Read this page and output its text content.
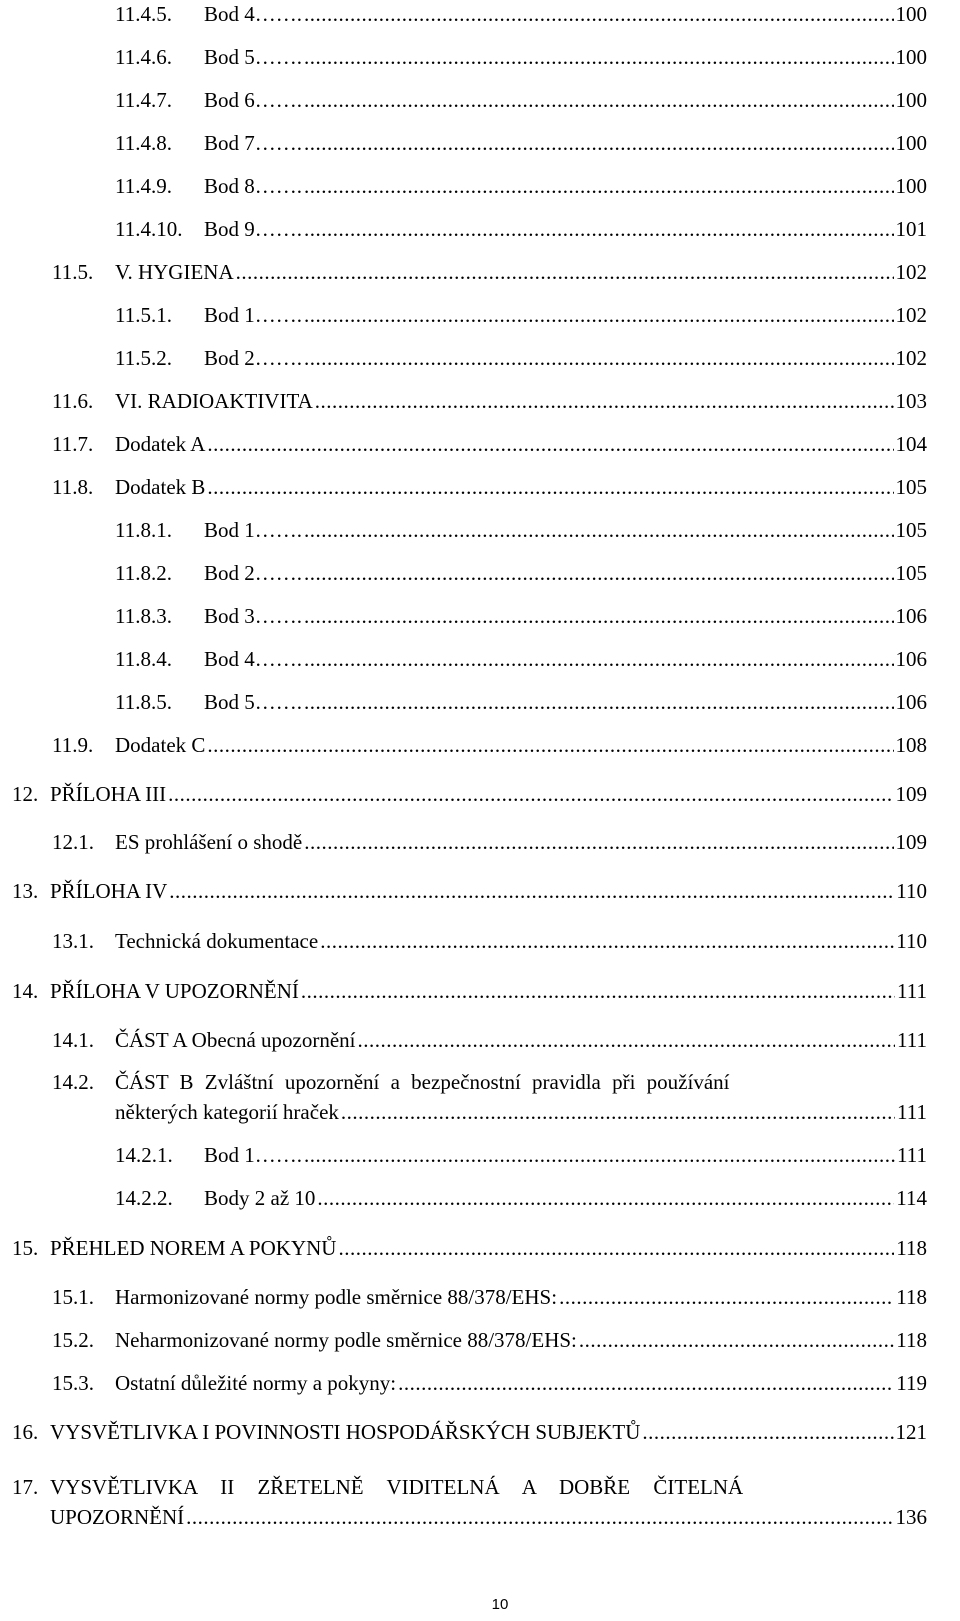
11.4.5.	Bod 4……. .....	100
11.4.6.	Bod 5……. .....	100
11.4.7.	Bod 6……. .....	100
11.4.8.	Bod 7……. .....	100
11.4.9.	Bod 8……. .....	100
11.4.10.	Bod 9……. .....	101
11.5.	V. HYGIENA .....	102
11.5.1.	Bod 1……. .....	102
11.5.2.	Bod 2……. .....	102
11.6.	VI. RADIOAKTIVITA .....	103
11.7.	Dodatek A .....	104
11.8.	Dodatek B .....	105
11.8.1.	Bod 1……. .....	105
11.8.2.	Bod 2……. .....	105
11.8.3.	Bod 3……. .....	106
11.8.4.	Bod 4……. .....	106
11.8.5.	Bod 5……. .....	106
11.9.	Dodatek C .....	108
12. PŘÍLOHA III .....	109
12.1.	ES prohlášení o shodě .....	109
13. PŘÍLOHA IV .....	110
13.1.	Technická dokumentace .....	110
14. PŘÍLOHA V UPOZORNĚNÍ .....	111
14.1.	ČÁST A Obecná upozornění .....	111
14.2.	ČÁST B Zvláštní upozornění a bezpečnostní pravidla při používání
některých kategorií hraček .....	111
14.2.1.	Bod 1……. .....	111
14.2.2.	Body 2 až 10 .....	114
15. PŘEHLED NOREM A POKYNŮ .....	118
15.1.	Harmonizované normy podle směrnice 88/378/EHS: .....	118
15.2.	Neharmonizované normy podle směrnice 88/378/EHS: .....	118
15.3.	Ostatní důležité normy a pokyny: .....	119
16. VYSVĚTLIVKA I POVINNOSTI HOSPODÁŘSKÝCH SUBJEKTŮ .....	121
17. VYSVĚTLIVKA II ZŘETELNĚ VIDITELNÁ A DOBŘE ČITELNÁ
UPOZORNĚNÍ .....	136
10
